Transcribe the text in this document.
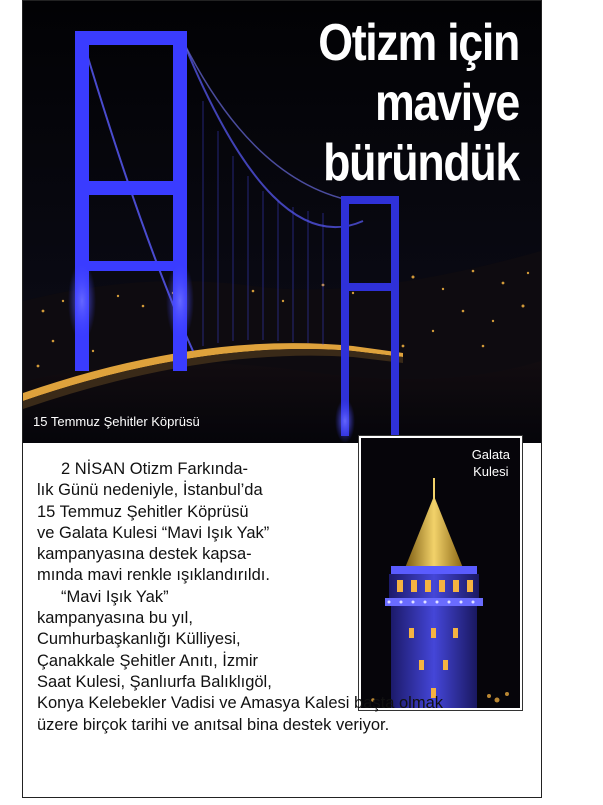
Otizm için
maviye
büründük
15 Temmuz Şehitler Köprüsü
Galata
Kulesi
2 NİSAN Otizm Farkında-
lık Günü nedeniyle, İstanbul’da
15 Temmuz Şehitler Köprüsü
ve Galata Kulesi “Mavi Işık Yak”
kampanyasına destek kapsa-
mında mavi renkle ışıklandırıldı.
“Mavi Işık Yak”
kampanyasına bu yıl,
Cumhurbaşkanlığı Külliyesi,
Çanakkale Şehitler Anıtı, İzmir
Saat Kulesi, Şanlıurfa Balıklıgöl,
Konya Kelebekler Vadisi ve Amasya Kalesi başta olmak
üzere birçok tarihi ve anıtsal bina destek veriyor.
